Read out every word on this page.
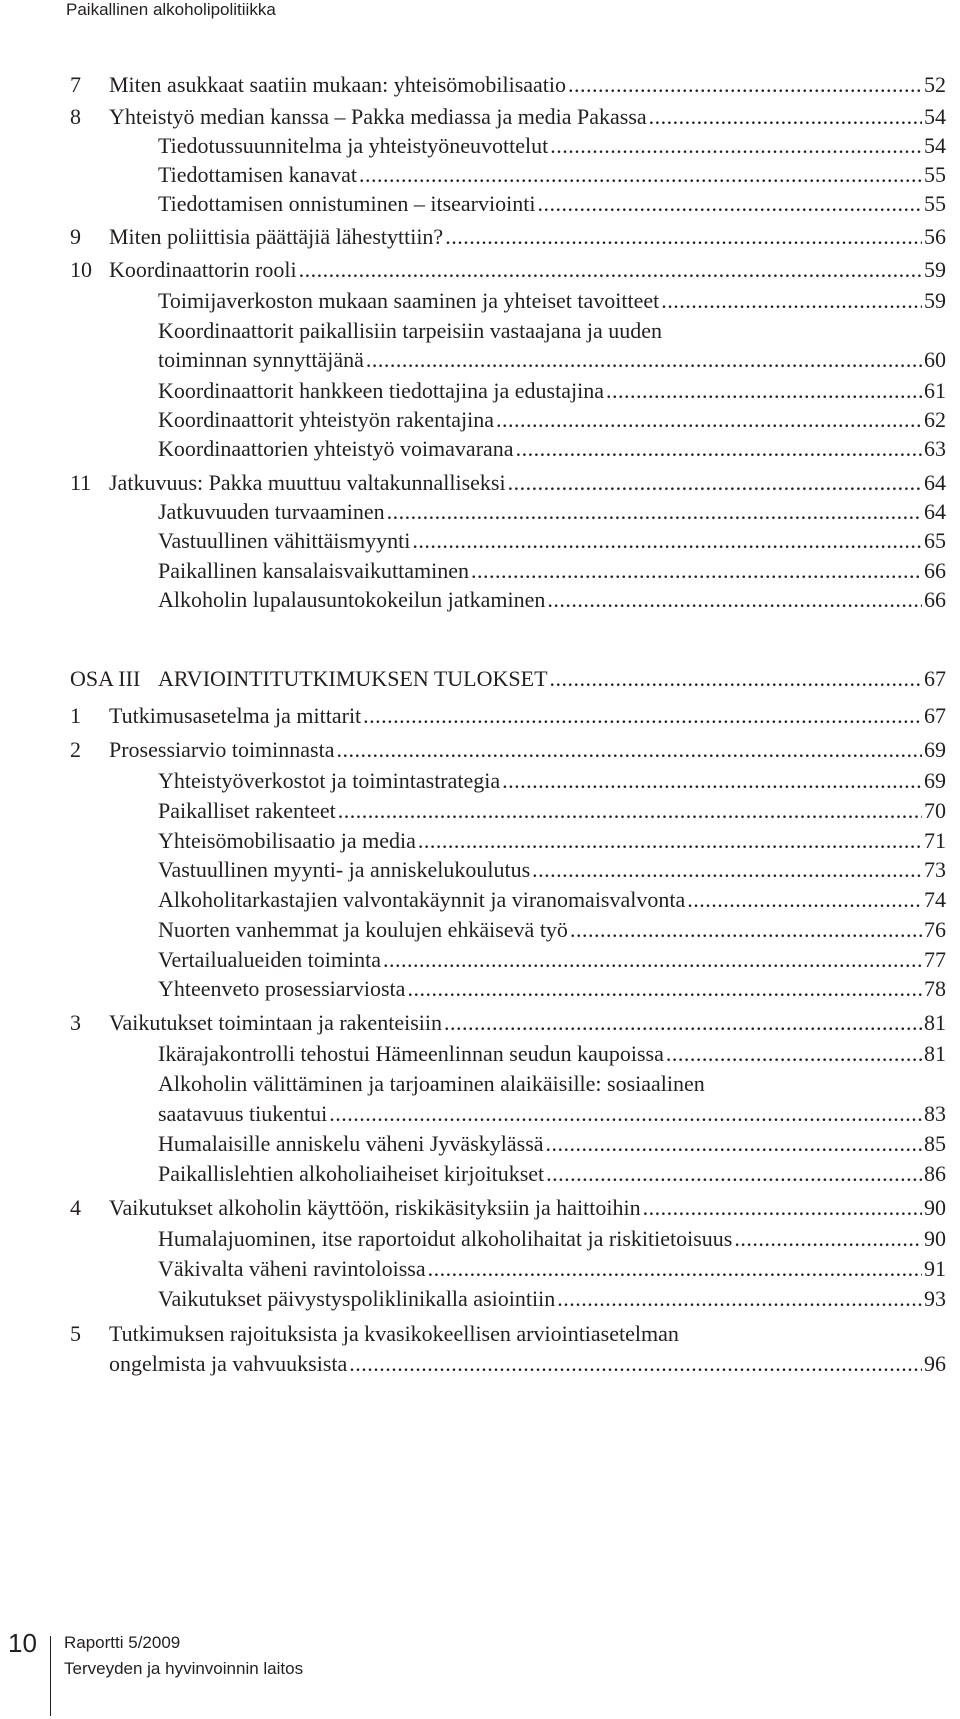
Paikallinen alkoholipolitiikka
7 Miten asukkaat saatiin mukaan: yhteisömobilisaatio .....	52
8 Yhteistyö median kanssa – Pakka mediassa ja media Pakassa .....	54
Tiedotussuunnitelma ja yhteistyöneuvottelut .....	54
Tiedottamisen kanavat .....	55
Tiedottamisen onnistuminen – itsearviointi .....	55
9 Miten poliittisia päättäjiä lähestyttiin? .....	56
10 Koordinaattorin rooli .....	59
Toimijaverkoston mukaan saaminen ja yhteiset tavoitteet .....	59
Koordinaattorit paikallisiin tarpeisiin vastaajana ja uuden
toiminnan synnyttäjänä .....	60
Koordinaattorit hankkeen tiedottajina ja edustajina .....	61
Koordinaattorit yhteistyön rakentajina .....	62
Koordinaattorien yhteistyö voimavarana .....	63
11 Jatkuvuus: Pakka muuttuu valtakunnalliseksi .....	64
Jatkuvuuden turvaaminen .....	64
Vastuullinen vähittäismyynti .....	65
Paikallinen kansalaisvaikuttaminen .....	66
Alkoholin lupalausuntokokeilun jatkaminen .....	66
OSA III ARVIOINTITUTKIMUKSEN TULOKSET .....	67
1 Tutkimusasetelma ja mittarit .....	67
2 Prosessiarvio toiminnasta .....	69
Yhteistyöverkostot ja toimintastrategia .....	69
Paikalliset rakenteet .....	70
Yhteisömobilisaatio ja media .....	71
Vastuullinen myynti- ja anniskelukoulutus .....	73
Alkoholitarkastajien valvontakäynnit ja viranomaisvalvonta .....	74
Nuorten vanhemmat ja koulujen ehkäisevä työ .....	76
Vertailualueiden toiminta .....	77
Yhteenveto prosessiarviosta .....	78
3 Vaikutukset toimintaan ja rakenteisiin .....	81
Ikärajakontrolli tehostui Hämeenlinnan seudun kaupoissa .....	81
Alkoholin välittäminen ja tarjoaminen alaikäisille: sosiaalinen
saatavuus tiukentui .....	83
Humalaisille anniskelu väheni Jyväskylässä .....	85
Paikallislehtien alkoholiaiheiset kirjoitukset .....	86
4 Vaikutukset alkoholin käyttöön, riskikäsityksiin ja haittoihin .....	90
Humalajuominen, itse raportoidut alkoholihaitat ja riskitietoisuus .....	90
Väkivalta väheni ravintoloissa .....	91
Vaikutukset päivystyspoliklinikalla asiointiin .....	93
5 Tutkimuksen rajoituksista ja kvasikokeellisen arviointiasetelman
ongelmista ja vahvuuksista .....	96
10 Raportti 5/2009
Terveyden ja hyvinvoinnin laitos
